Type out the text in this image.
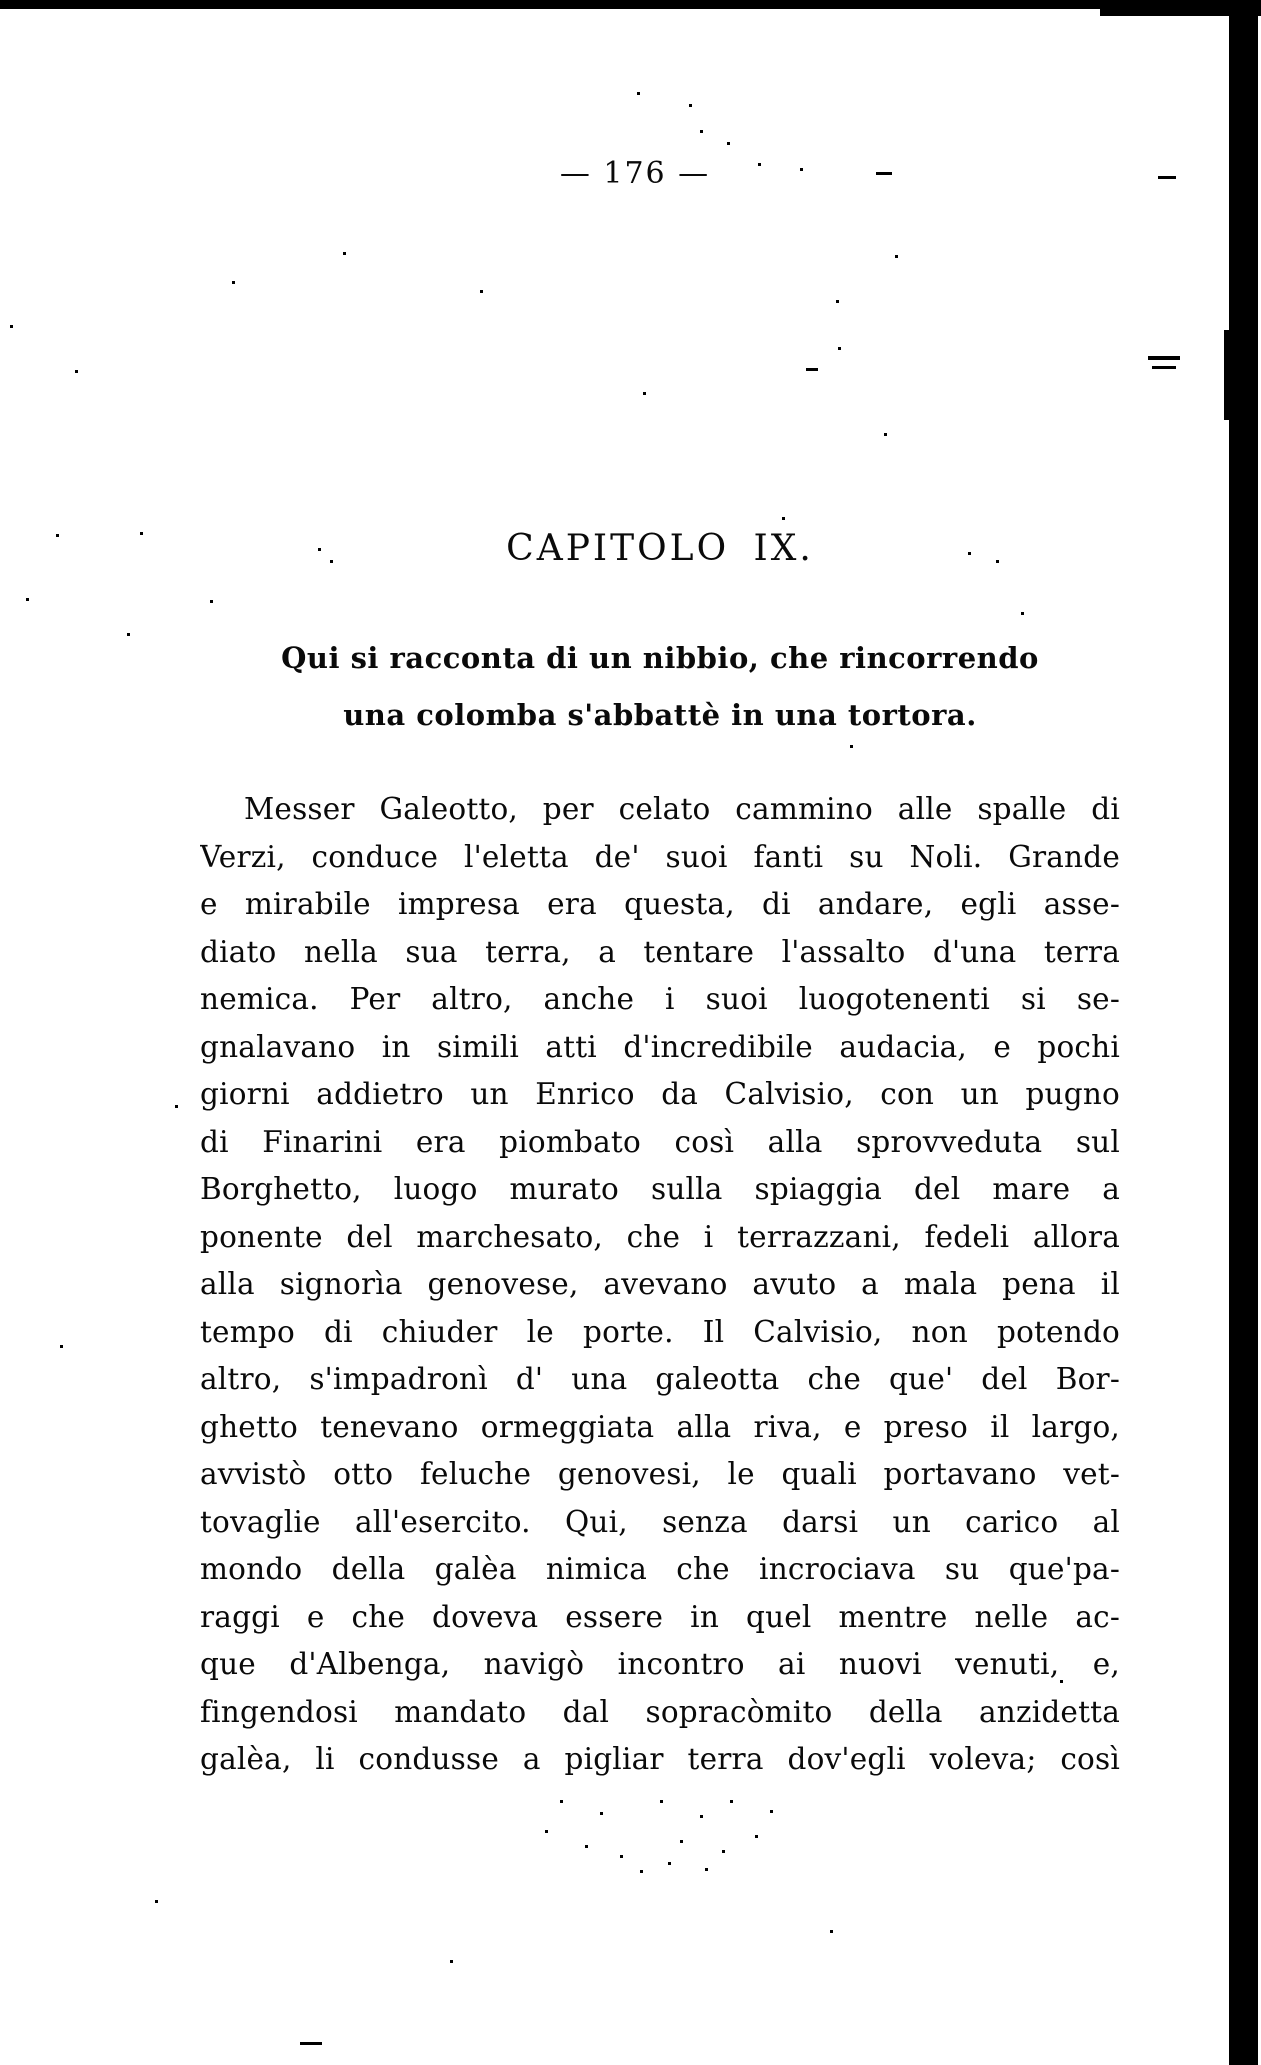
— 176 —
CAPITOLO IX.
Qui si racconta di un nibbio, che rincorrendo
una colomba s'abbattè in una tortora.
Messer Galeotto, per celato cammino alle spalle di
Verzi, conduce l'eletta de' suoi fanti su Noli. Grande
e mirabile impresa era questa, di andare, egli asse-
diato nella sua terra, a tentare l'assalto d'una terra
nemica. Per altro, anche i suoi luogotenenti si se-
gnalavano in simili atti d'incredibile audacia, e pochi
giorni addietro un Enrico da Calvisio, con un pugno
di Finarini era piombato così alla sprovveduta sul
Borghetto, luogo murato sulla spiaggia del mare a
ponente del marchesato, che i terrazzani, fedeli allora
alla signorìa genovese, avevano avuto a mala pena il
tempo di chiuder le porte. Il Calvisio, non potendo
altro, s'impadronì d' una galeotta che que' del Bor-
ghetto tenevano ormeggiata alla riva, e preso il largo,
avvistò otto feluche genovesi, le quali portavano vet-
tovaglie all'esercito. Qui, senza darsi un carico al
mondo della galèa nimica che incrociava su que'pa-
raggi e che doveva essere in quel mentre nelle ac-
que d'Albenga, navigò incontro ai nuovi venuti, e,
fingendosi mandato dal sopracòmito della anzidetta
galèa, li condusse a pigliar terra dov'egli voleva; così
